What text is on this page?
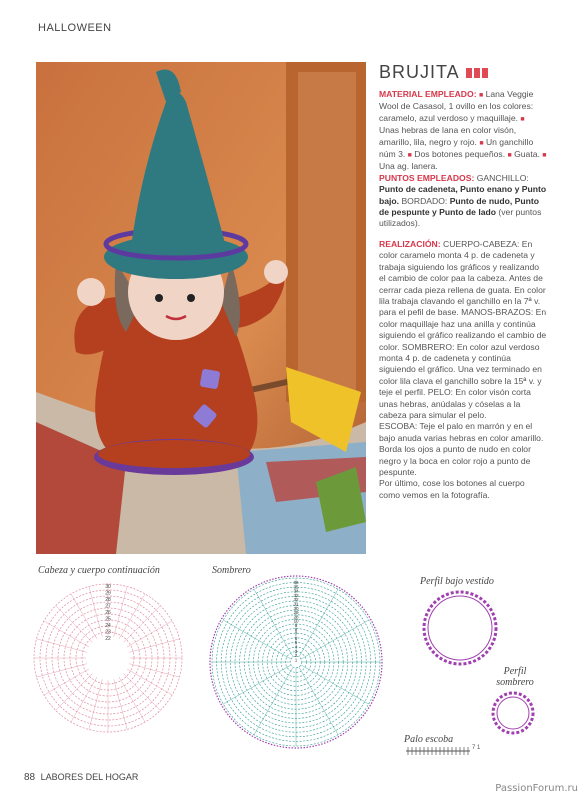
HALLOWEEN
BRUJITA

MATERIAL EMPLEADO: ■ Lana Veggie Wool de Casasol, 1 ovillo en los colores: caramelo, azul verdoso y maquillaje. ■ Unas hebras de lana en color visón, amarillo, lila, negro y rojo. ■ Un ganchillo núm 3. ■ Dos botones pequeños. ■ Guata. ■ Una ag. lanera.
PUNTOS EMPLEADOS: GANCHILLO: Punto de cadeneta, Punto enano y Punto bajo. BORDADO: Punto de nudo, Punto de pespunte y Punto de lado (ver puntos utilizados).

REALIZACIÓN: CUERPO-CABEZA: En color caramelo monta 4 p. de cadeneta y trabaja siguiendo los gráficos y realizando el cambio de color paa la cabeza. Antes de cerrar cada pieza rellena de guata. En color lila trabaja clavando el ganchillo en la 7ª v. para el pefil de base. MANOS-BRAZOS: En color maquillaje haz una anilla y continúa siguiendo el gráfico realizando el cambio de color. SOMBRERO: En color azul verdoso monta 4 p. de cadeneta y continúa siguiendo el gráfico. Una vez terminado en color lila clava el ganchillo sobre la 15ª v. y teje el perfil. PELO: En color visón corta unas hebras, anúdalas y cóselas a la cabeza para simular el pelo.
ESCOBA: Teje el palo en marrón y en el bajo anuda varias hebras en color amarillo.
Borda los ojos a punto de nudo en color negro y la boca en color rojo a punto de pespunte.
Por último, cose los botones al cuerpo como vemos en la fotografía.

Cabeza y cuerpo continuación	Sombrero
Perfil bajo vestido
Perfil sombrero
Palo escoba
30
29
28
27
26
25
24
23
22
36
35
34
33
32
31
30
29
28
10
9
8
7
6
5
4
3
2
1
7 1
88 LABORES DEL HOGAR
PassionForum.ru
